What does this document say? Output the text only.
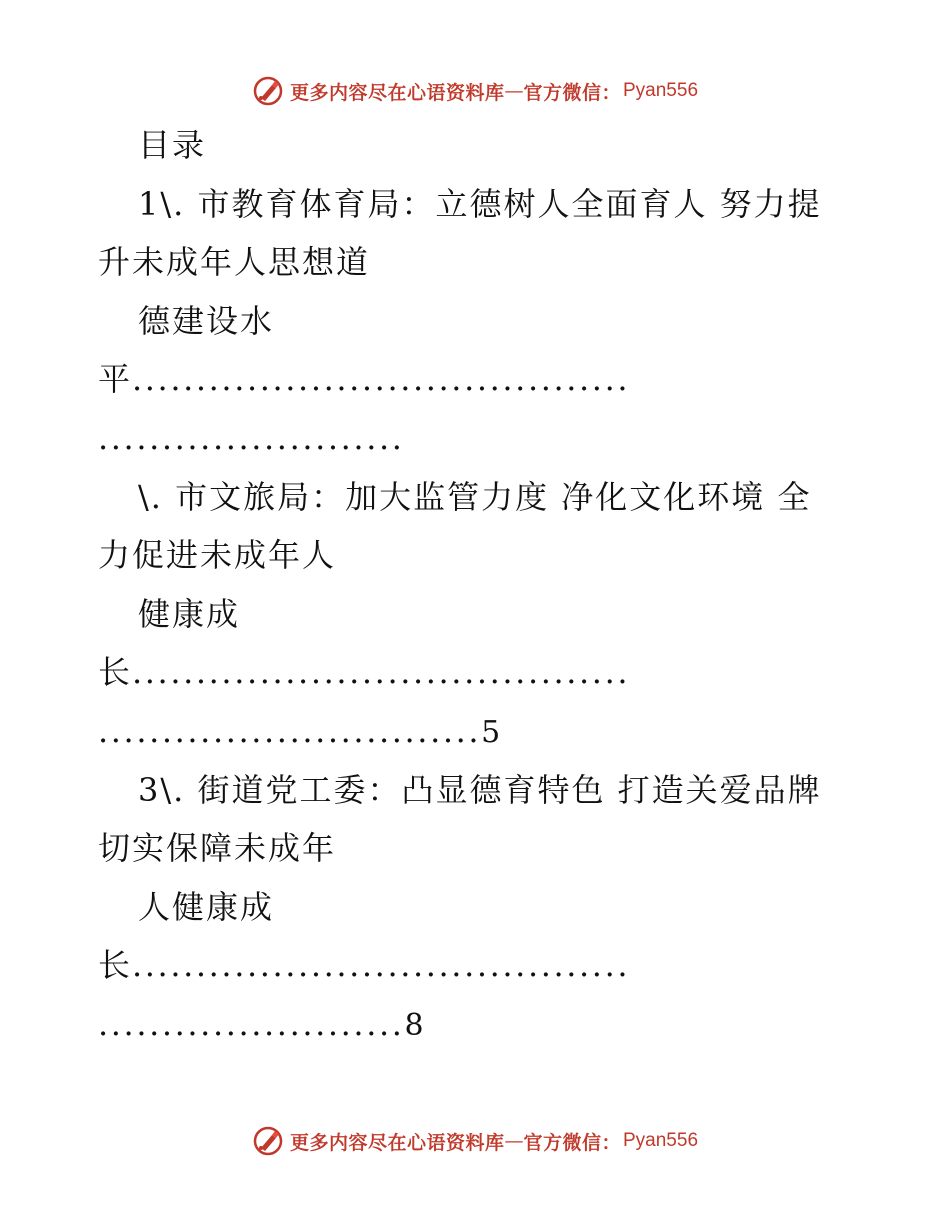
更多内容尽在心语资料库 — 官方微信： Pyan556
目录
1\. 市教育体育局：立德树人全面育人 努力提
升未成年人思想道
德建设水
平.......................................
........................
\. 市文旅局：加大监管力度 净化文化环境 全
力促进未成年人
健康成
长.......................................
..............................5
3\. 街道党工委：凸显德育特色 打造关爱品牌
切实保障未成年
人健康成
长.......................................
........................8
更多内容尽在心语资料库 — 官方微信： Pyan556
